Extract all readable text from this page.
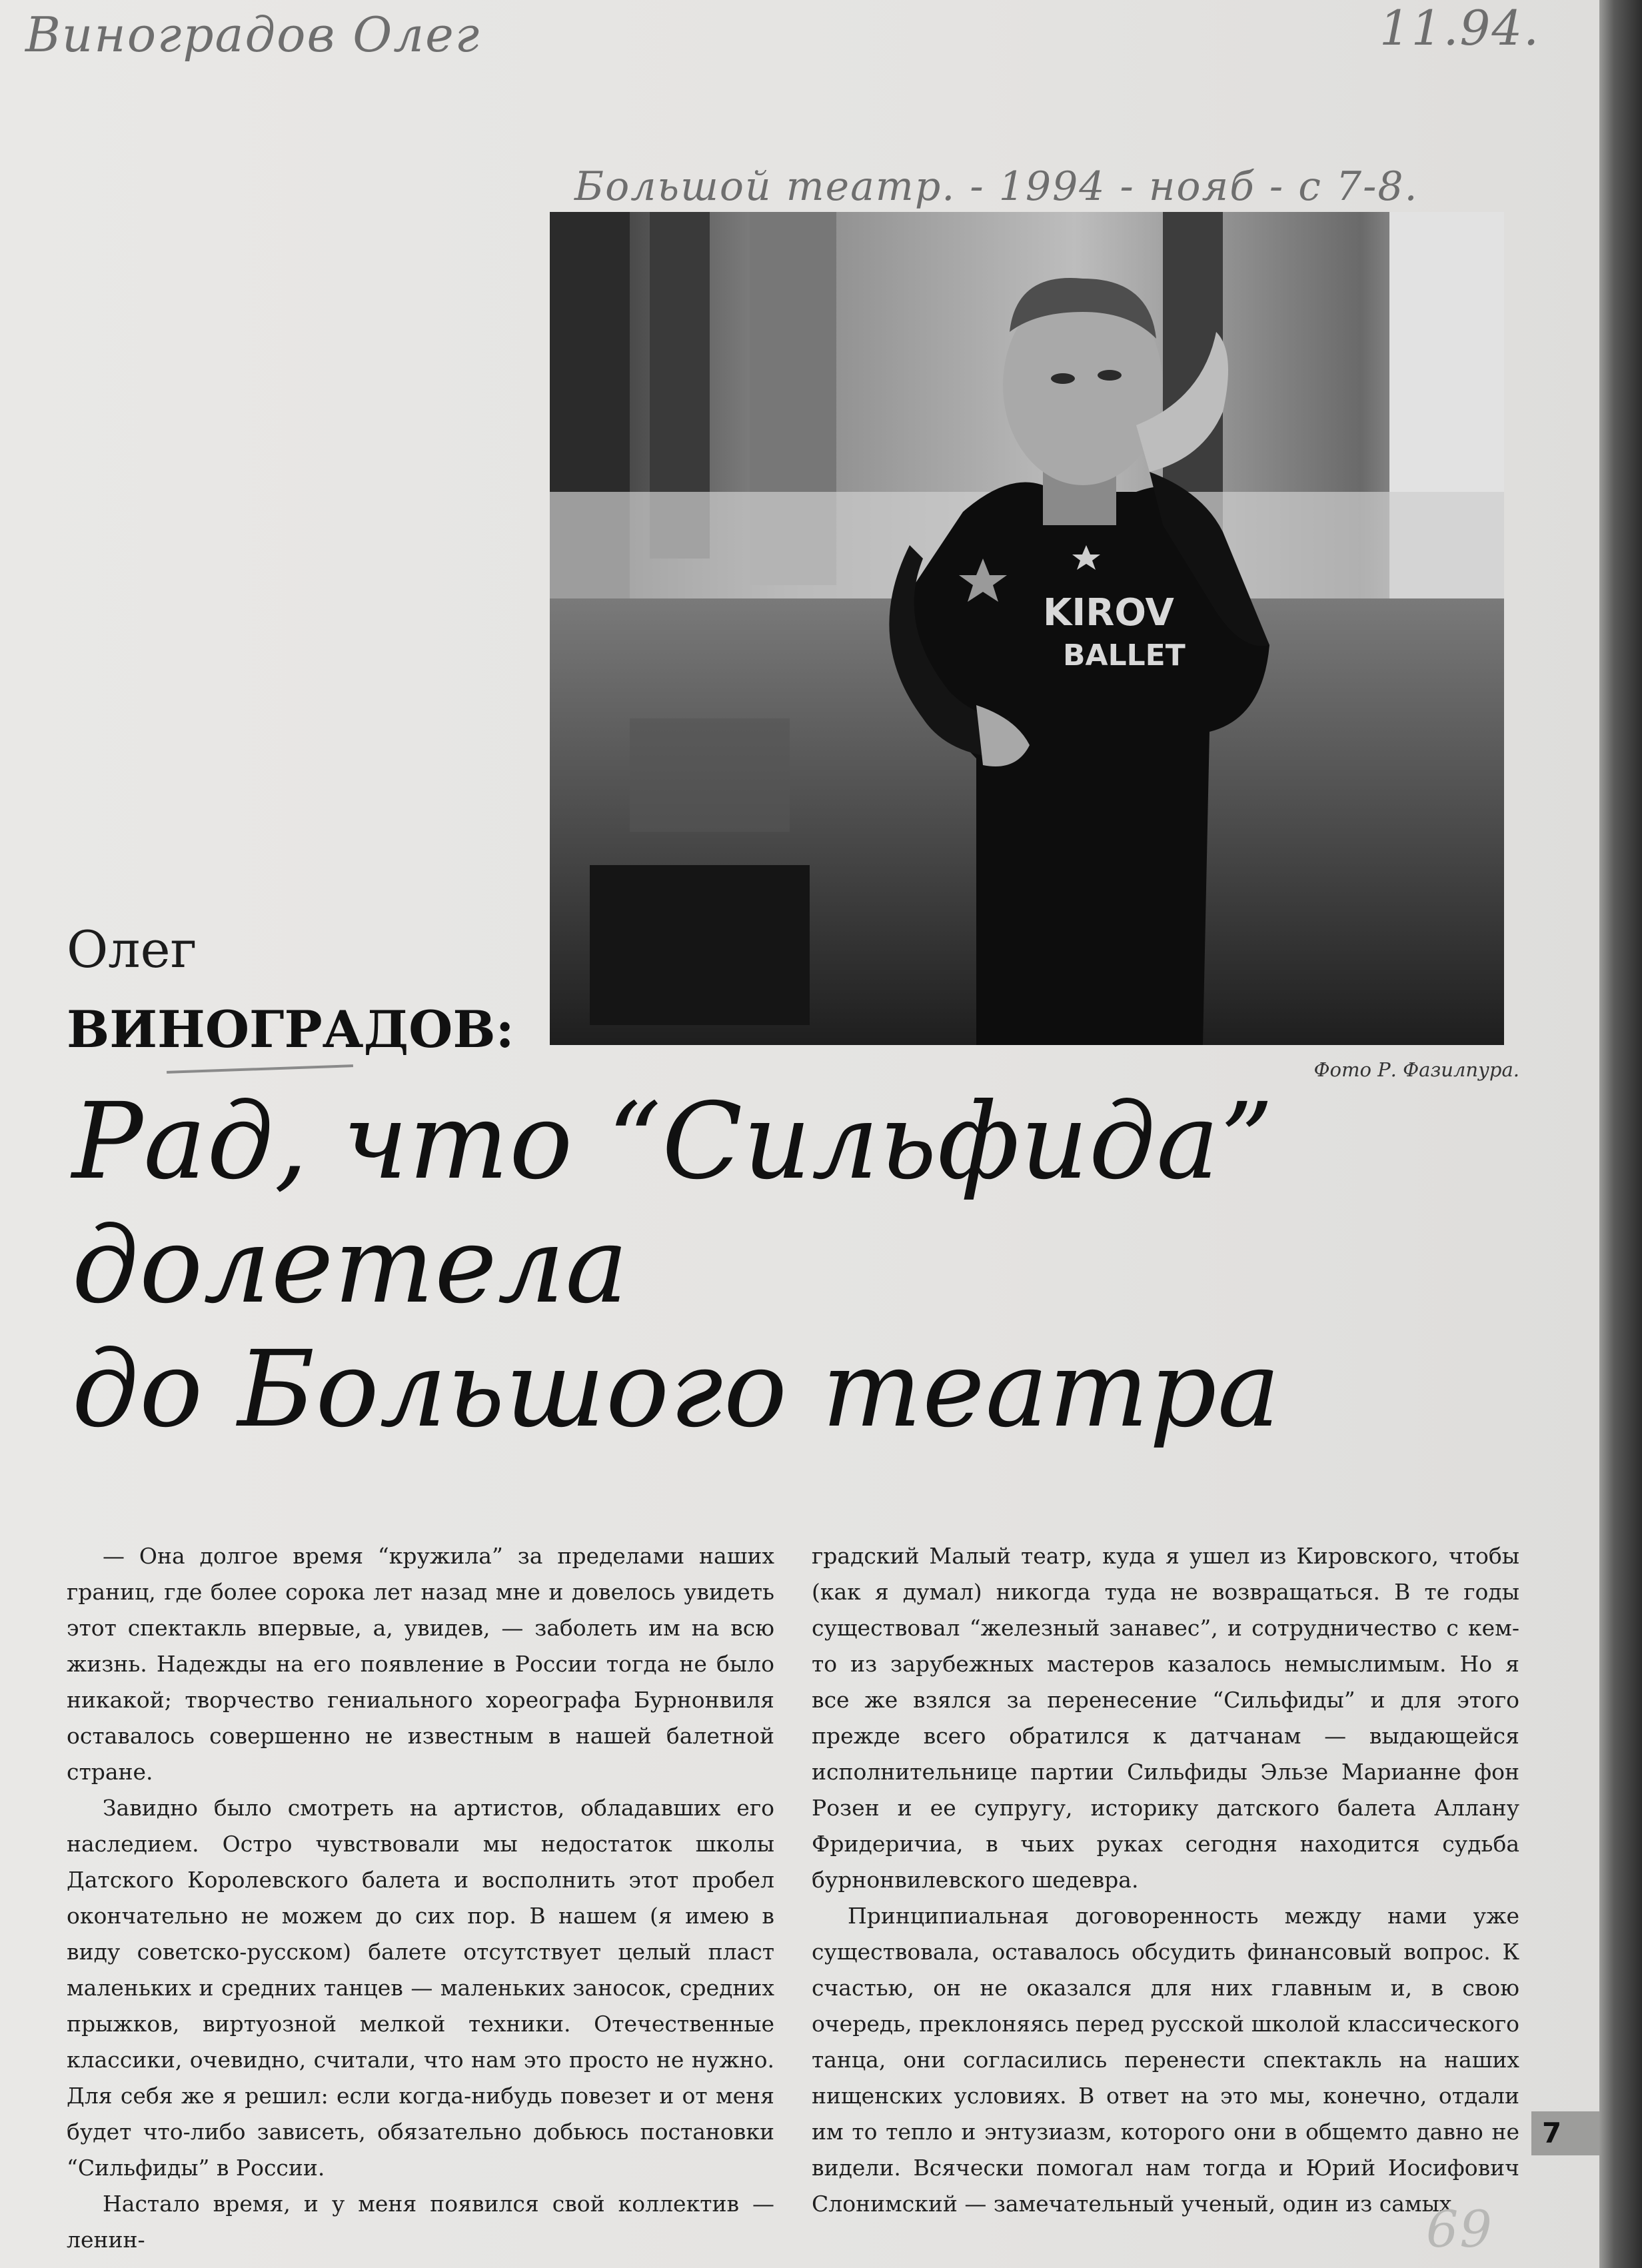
Виноградов Олег	11.94.
Большой театр. - 1994 - нояб - с 7-8.
KIROV
BALLET
Фото Р. Фазилпура.
Олег
ВИНОГРАДОВ:
Рад, что “Сильфида”
долетела
до Большого театра

— Она долгое время “кружила” за пределами наших границ, где более сорока лет назад мне и довелось увидеть этот спектакль впервые, а, увидев, — заболеть им на всю жизнь. Надежды на его появление в России тогда не было никакой; творчество гениального хореографа Бурнонвиля оставалось совершенно не известным в нашей балетной стране.

Завидно было смотреть на артистов, обладавших его наследием. Остро чувствовали мы недостаток школы Датского Королевского балета и восполнить этот пробел окончательно не можем до сих пор. В нашем (я имею в виду советско-русском) балете отсутствует целый пласт маленьких и средних танцев — маленьких заносок, средних прыжков, виртуозной мелкой техники. Отечественные классики, очевидно, считали, что нам это просто не нужно. Для себя же я решил: если когда-нибудь повезет и от меня будет что-либо зависеть, обязательно добьюсь постановки “Сильфиды” в России.

Настало время, и у меня появился свой коллектив — ленин-

градский Малый театр, куда я ушел из Кировского, чтобы (как я думал) никогда туда не возвращаться. В те годы существовал “железный занавес”, и сотрудничество с кем-то из зарубежных мастеров казалось немыслимым. Но я все же взялся за перенесение “Сильфиды” и для этого прежде всего обратился к датчанам — выдающейся исполнительнице партии Сильфиды Эльзе Марианне фон Розен и ее супругу, историку датского балета Аллану Фридеричиа, в чьих руках сегодня находится судьба бурнонвилевского шедевра.

Принципиальная договоренность между нами уже существовала, оставалось обсудить финансовый вопрос. К счастью, он не оказался для них главным и, в свою очередь, преклоняясь перед русской школой классического танца, они согласились перенести спектакль на наших нищенских условиях. В ответ на это мы, конечно, отдали им то тепло и энтузиазм, которого они в общемто давно не видели. Всячески помогал нам тогда и Юрий Иосифович Слонимский — замечательный ученый, один из самых

7
69
